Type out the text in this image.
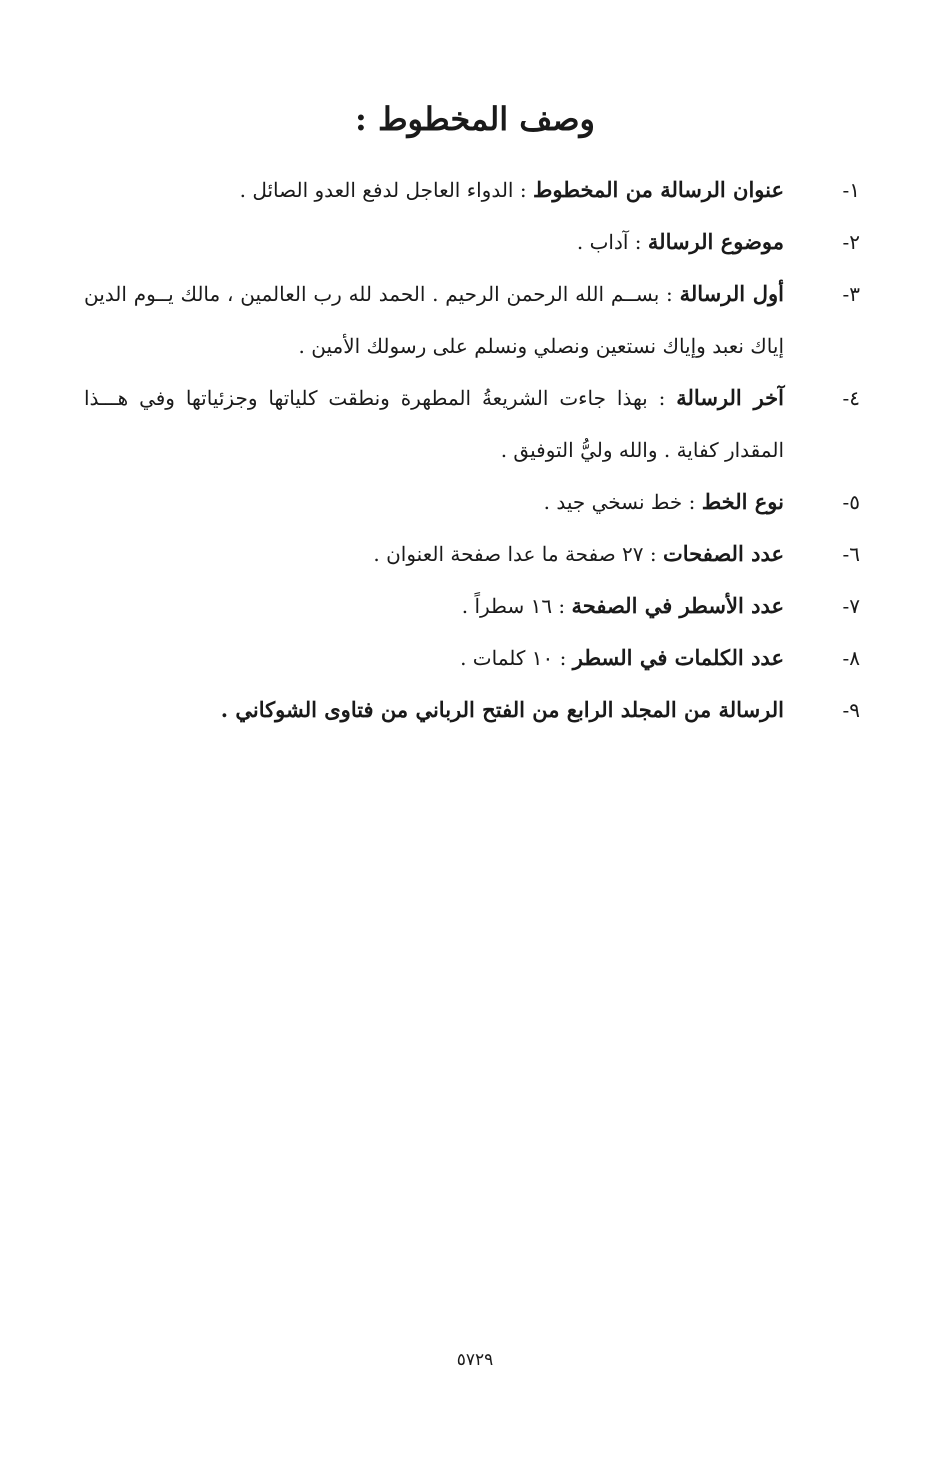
وصف المخطوط :
١-
عنوان الرسالة من المخطوط : الدواء العاجل لدفع العدو الصائل .
٢-
موضوع الرسالة : آداب .
٣-
أول الرسالة : بســم الله الرحمن الرحيم . الحمد لله رب العالمين ، مالك يــوم الدين إياك نعبد وإياك نستعين ونصلي ونسلم على رسولك الأمين .
٤-
آخر الرسالة : بهذا جاءت الشريعةُ المطهرة ونطقت كلياتها وجزئياتها وفي هـــذا المقدار كفاية . والله وليُّ التوفيق .
٥-
نوع الخط : خط نسخي جيد .
٦-
عدد الصفحات : ٢٧ صفحة ما عدا صفحة العنوان .
٧-
عدد الأسطر في الصفحة : ١٦ سطراً .
٨-
عدد الكلمات في السطر : ١٠ كلمات .
٩-
الرسالة من المجلد الرابع من الفتح الرباني من فتاوى الشوكاني .
٥٧٢٩
